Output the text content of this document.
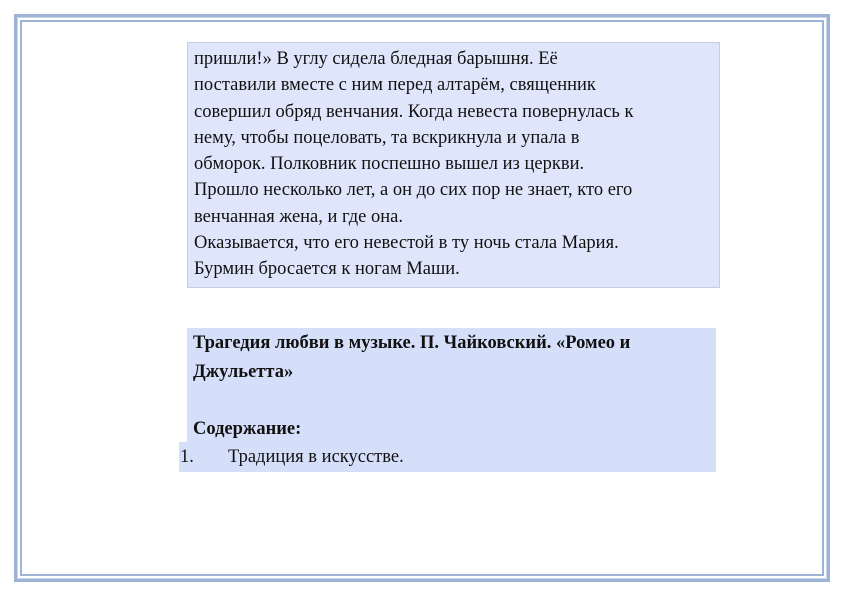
пришли!» В углу сидела бледная барышня. Её

поставили вместе с ним перед алтарём, священник

совершил обряд венчания. Когда невеста повернулась к

нему, чтобы поцеловать, та вскрикнула и упала в

обморок. Полковник поспешно вышел из церкви.

Прошло несколько лет, а он до сих пор не знает, кто его

венчанная жена, и где она.

Оказывается, что его невестой в ту ночь стала Мария.

Бурмин бросается к ногам Маши.

Трагедия любви в музыке. П. Чайковский. «Ромео и
Джульетта»
Содержание:
1. Традиция в искусстве.
